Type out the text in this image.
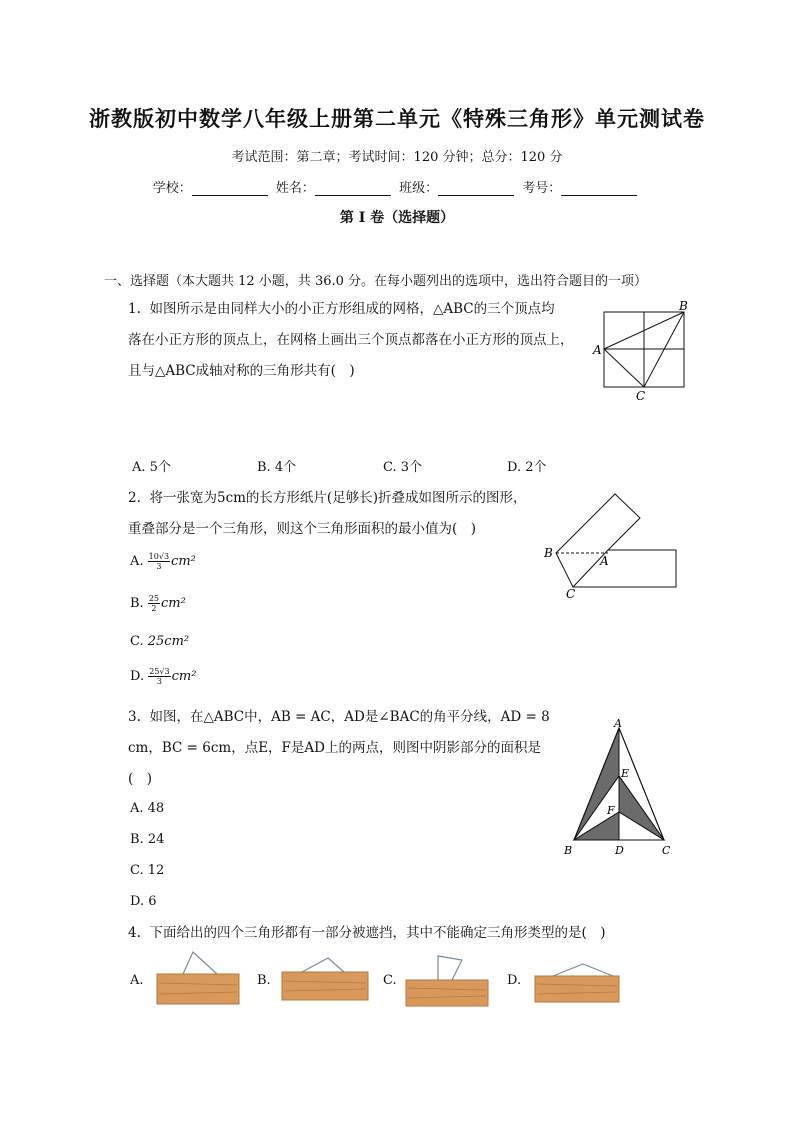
浙教版初中数学八年级上册第二单元《特殊三角形》单元测试卷
考试范围：第二章；考试时间：120 分钟；总分：120 分
学校：	姓名：	班级：	考号：
第 I 卷（选择题）
一、选择题（本大题共 12 小题，共 36.0 分。在每小题列出的选项中，选出符合题目的一项）
1. 如图所示是由同样大小的小正方形组成的网格，△ABC的三个顶点均
落在小正方形的顶点上，在网格上画出三个顶点都落在小正方形的顶点上，
且与△ABC成轴对称的三角形共有(　)
A
B
C
A. 5个	B. 4个	C. 3个	D. 2个
2. 将一张宽为5cm的长方形纸片(足够长)折叠成如图所示的图形，
重叠部分是一个三角形，则这个三角形面积的最小值为(　)
B
A
C
A. $\frac{10√3}{3} cm^2$
B. $\frac{25}{2} cm^2$
C. 25cm²
D. $\frac{25√3}{3} cm^2$
3. 如图，在△ABC中，AB = AC，AD是∠BAC的角平分线，AD = 8
cm，BC = 6cm，点E，F是AD上的两点，则图中阴影部分的面积是
(　)
A
E
F
B	D	C
A. 48
B. 24
C. 12
D. 6
4. 下面给出的四个三角形都有一部分被遮挡，其中不能确定三角形类型的是(　)
A.	B.	C.	D.
